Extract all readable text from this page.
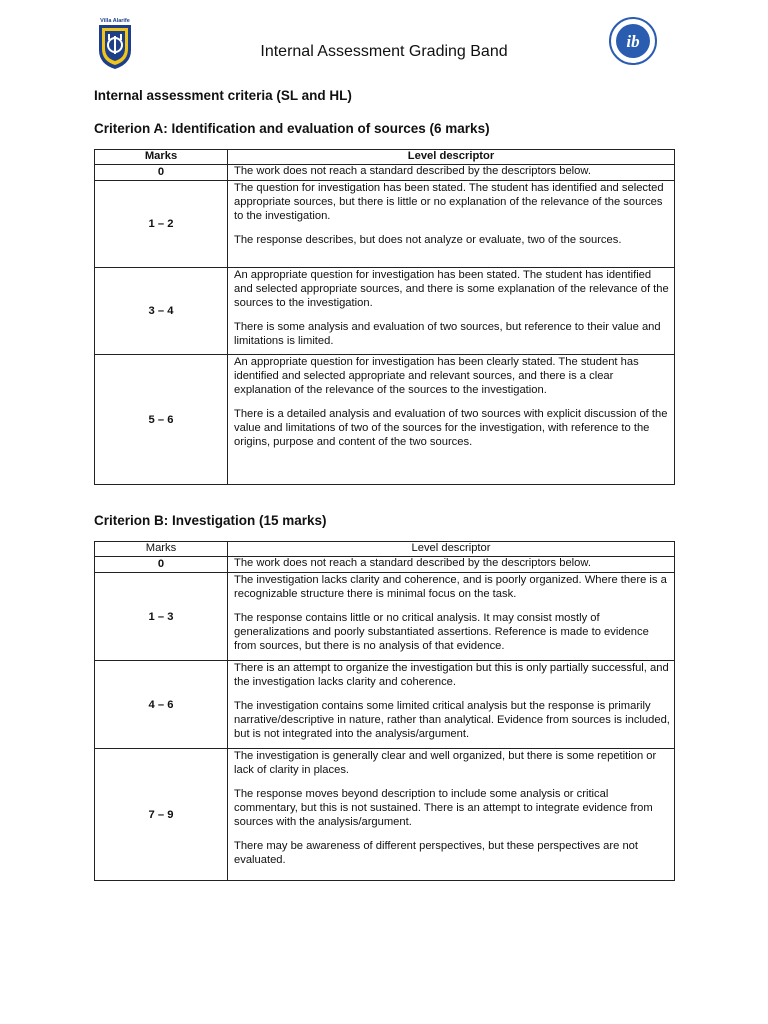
Villa Alarife
ib
Internal Assessment Grading Band
Internal assessment criteria (SL and HL)
Criterion A: Identification and evaluation of sources (6 marks)
Marks	Level descriptor
0	The work does not reach a standard described by the descriptors below.

1 – 2	The question for investigation has been stated. The student has identified and selected appropriate sources, but there is little or no explanation of the relevance of the sources to the investigation.

The response describes, but does not analyze or evaluate, two of the sources.

3 – 4	An appropriate question for investigation has been stated. The student has identified and selected appropriate sources, and there is some explanation of the relevance of the sources to the investigation.

There is some analysis and evaluation of two sources, but reference to their value and limitations is limited.

5 – 6	An appropriate question for investigation has been clearly stated. The student has identified and selected appropriate and relevant sources, and there is a clear explanation of the relevance of the sources to the investigation.

There is a detailed analysis and evaluation of two sources with explicit discussion of the value and limitations of two of the sources for the investigation, with reference to the origins, purpose and content of the two sources.

Criterion B: Investigation (15 marks)
Marks	Level descriptor
0	The work does not reach a standard described by the descriptors below.

1 – 3	The investigation lacks clarity and coherence, and is poorly organized. Where there is a recognizable structure there is minimal focus on the task.

The response contains little or no critical analysis. It may consist mostly of generalizations and poorly substantiated assertions. Reference is made to evidence from sources, but there is no analysis of that evidence.

4 – 6	There is an attempt to organize the investigation but this is only partially successful, and the investigation lacks clarity and coherence.

The investigation contains some limited critical analysis but the response is primarily narrative/descriptive in nature, rather than analytical. Evidence from sources is included, but is not integrated into the analysis/argument.

7 – 9	The investigation is generally clear and well organized, but there is some repetition or lack of clarity in places.

The response moves beyond description to include some analysis or critical commentary, but this is not sustained. There is an attempt to integrate evidence from sources with the analysis/argument.

There may be awareness of different perspectives, but these perspectives are not evaluated.
